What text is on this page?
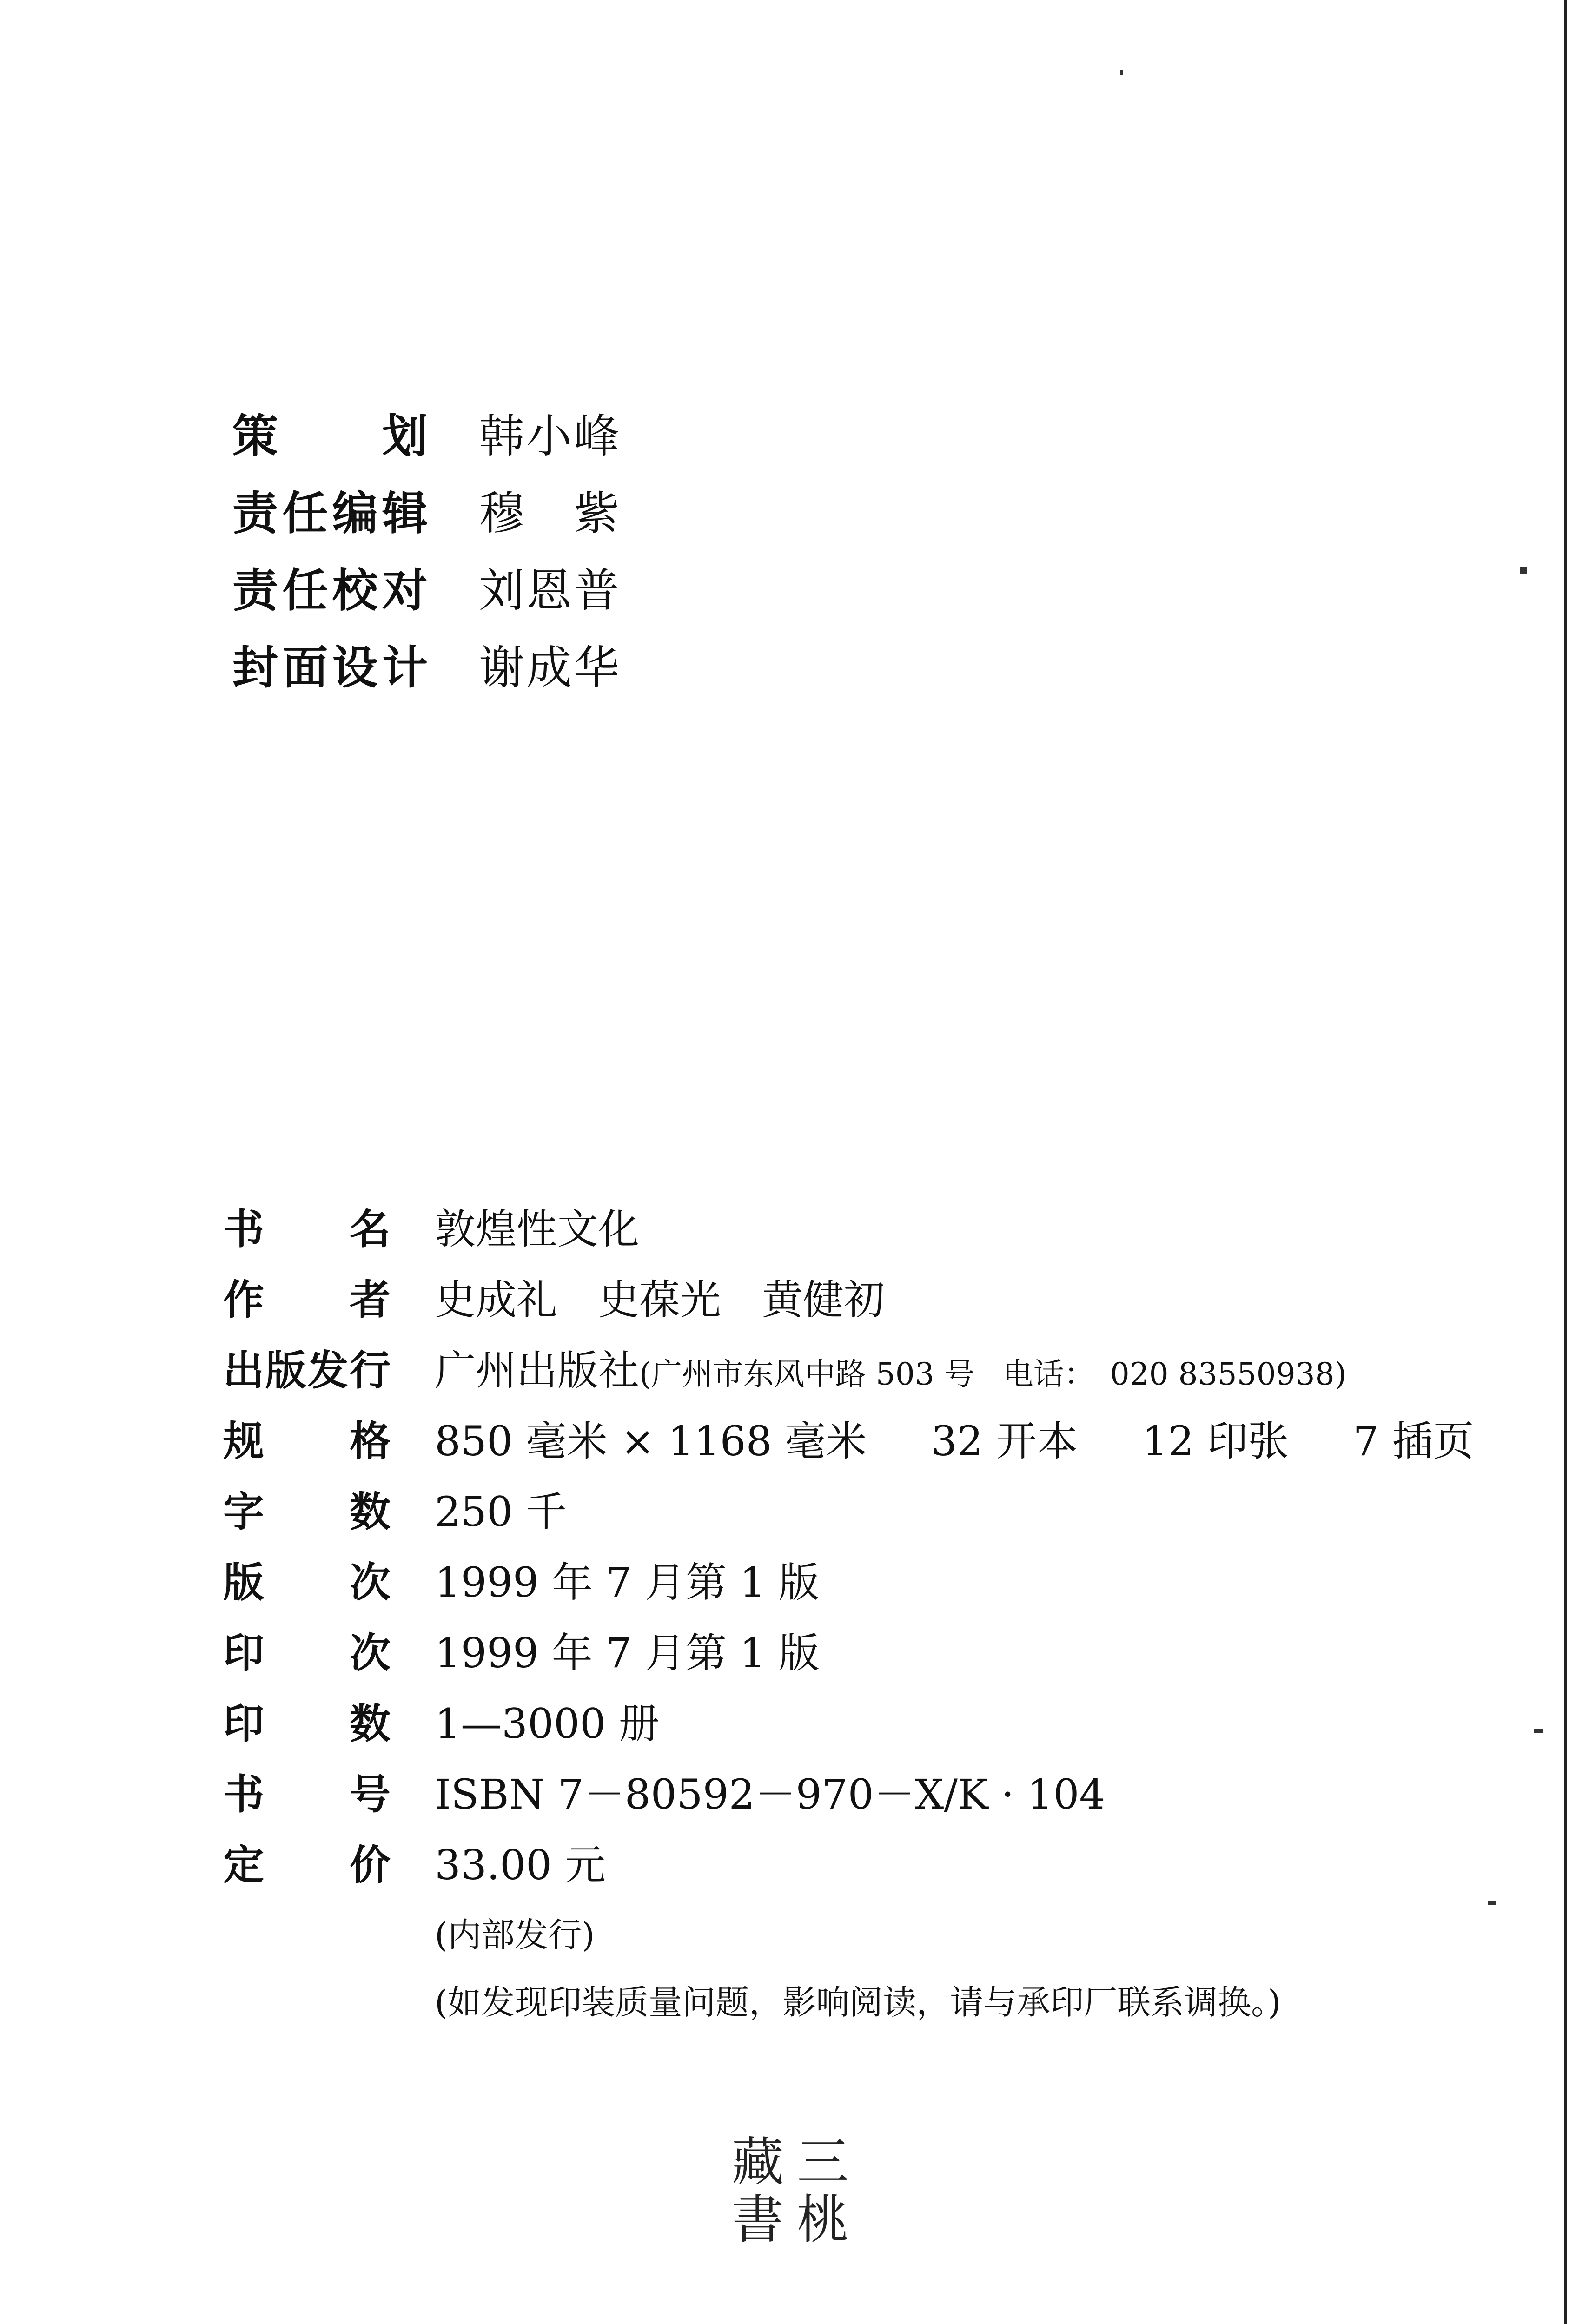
策划 韩小峰
责任编辑 穆　紫
责任校对 刘恩普
封面设计 谢成华
书名 敦煌性文化
作者 史成礼 史葆光 黄健初
出版发行 广州出版社(广州市东风中路 503 号 电话：　020 83550938)
规格 850 毫米 × 1168 毫米 32 开本 12 印张 7 插页
字数 250 千
版次 1999 年 7 月第 1 版
印次 1999 年 7 月第 1 版
印数 1—3000 册
书号 ISBN 7－80592－970－X/K · 104
定价 33.00 元
(内部发行)
(如发现印装质量问题，影响阅读，请与承印厂联系调换。)
藏 三
書 桃
